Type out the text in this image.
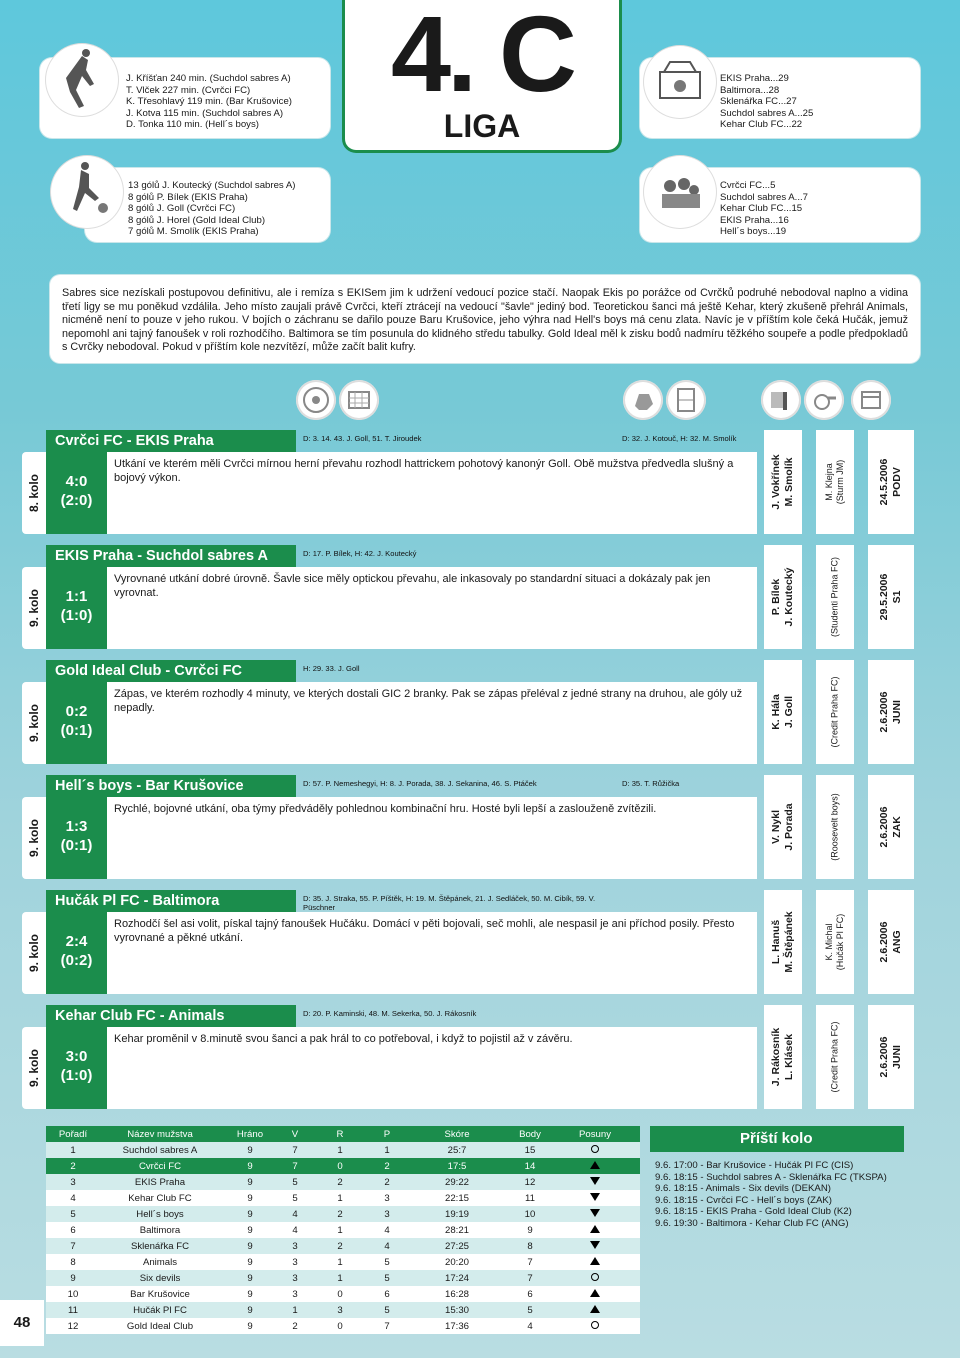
J. Kříšťan 240 min. (Suchdol sabres A)
T. Vlček 227 min. (Cvrčci FC)
K. Třesohlavý 119 min. (Bar Krušovice)
J. Kotva 115 min. (Suchdol sabres A)
D. Tonka 110 min. (Hell´s boys)
4. C
LIGA
EKIS Praha...29
Baltimora...28
Sklenářka FC...27
Suchdol sabres A...25
Kehar Club FC...22
13 gólů J. Koutecký (Suchdol sabres A)
8 gólů P. Bílek (EKIS Praha)
8 gólů J. Goll (Cvrčci FC)
8 gólů J. Horel (Gold Ideal Club)
7 gólů M. Smolík (EKIS Praha)
Cvrčci FC...5
Suchdol sabres A...7
Kehar Club FC...15
EKIS Praha...16
Hell´s boys...19
Sabres sice nezískali postupovou definitivu, ale i remíza s EKISem jim k udržení vedoucí pozice stačí. Naopak Ekis po porážce od Cvrčků podruhé nebodoval naplno a vidina třetí ligy se mu poněkud vzdálila. Jeho místo zaujali právě Cvrčci, kteří ztrácejí na vedoucí "šavle" jediný bod. Teoretickou šanci má ještě Kehar, který zkušeně přehrál Animals, nicméně není to pouze v jeho rukou. V bojích o záchranu se dařilo pouze Baru Krušovice, jeho výhra nad Hell's boys má cenu zlata. Navíc je v příštím kole čeká Hučák, jemuž nepomohl ani tajný fanoušek v roli rozhodčího. Baltimora se tím posunula do klidného středu tabulky. Gold Ideal měl k zisku bodů nadmíru těžkého soupeře a podle předpokladů s Cvrčky nebodoval. Pokud v příštím kole nezvítězí, může začít balit kufry.
8. kolo
Cvrčci FC - EKIS Praha	D: 3. 14. 43. J. Goll, 51. T. Jiroudek	D: 32. J. Kotouč, H: 32. M. Smolík
4:0
(2:0)
Utkání ve kterém měli Cvrčci mírnou herní převahu rozhodl hattrickem pohotový kanonýr Goll. Obě mužstva předvedla slušný a bojový výkon.	J. Vokřínek M. Smolík	M. Klejna (Sturm JM)	24.5.2006 PODV
9. kolo
EKIS Praha - Suchdol sabres A	D: 17. P. Bílek, H: 42. J. Koutecký
1:1
(1:0)
Vyrovnané utkání dobré úrovně. Šavle sice měly optickou převahu, ale inkasovaly po standardní situaci a dokázaly pak jen vyrovnat.	P. Bílek J. Koutecký	(Studenti Praha FC)	29.5.2006 S1
9. kolo
Gold Ideal Club - Cvrčci FC	H: 29. 33. J. Goll
0:2
(0:1)
Zápas, ve kterém rozhodly 4 minuty, ve kterých dostali GIC 2 branky. Pak se zápas přeléval z jedné strany na druhou, ale góly už nepadly.	K. Hála J. Goll	(Credit Praha FC)	2.6.2006 JUNI
9. kolo
Hell´s boys - Bar Krušovice	D: 57. P. Nemeshegyi, H: 8. J. Porada, 38. J. Sekanina, 46. S. Ptáček	D: 35. T. Růžička
1:3
(0:1)
Rychlé, bojovné utkání, oba týmy předváděly pohlednou kombinační hru. Hosté byli lepší a zaslouženě zvítězili.
V. Nykl J. Porada	(Roosevelt boys)	2.6.2006 ZAK
9. kolo
Hučák Pl FC - Baltimora	D: 35. J. Straka, 55. P. Píštěk, H: 19. M. Štěpánek, 21. J. Sedláček, 50. M. Cibík, 59. V. Püschner
2:4
(0:2)
Rozhodčí šel asi volit, pískal tajný fanoušek Hučáku. Domácí v pěti bojovali, seč mohli, ale nespasil je ani příchod posily. Přesto vyrovnané a pěkné utkání.	L. Hanuš M. Štěpánek	K. Michal (Hučák Pl FC)	2.6.2006 ANG
9. kolo
Kehar Club FC - Animals	D: 20. P. Kaminski, 48. M. Sekerka, 50. J. Rákosník
3:0
(1:0)
Kehar proměnil v 8.minutě svou šanci a pak hrál to co potřeboval, i když to pojistil až v závěru.	J. Rákosník L. Klásek	(Credit Praha FC)	2.6.2006 JUNI
Pořadí	Název mužstva	Hráno	V	R	P	Skóre	Body	Posuny
1	Suchdol sabres A	9	7	1	1	25:7	15	
2	Cvrčci FC	9	7	0	2	17:5	14	
3	EKIS Praha	9	5	2	2	29:22	12	
4	Kehar Club FC	9	5	1	3	22:15	11	
5	Hell´s boys	9	4	2	3	19:19	10	
6	Baltimora	9	4	1	4	28:21	9	
7	Sklenářka FC	9	3	2	4	27:25	8	
8	Animals	9	3	1	5	20:20	7	
9	Six devils	9	3	1	5	17:24	7	
10	Bar Krušovice	9	3	0	6	16:28	6	
11	Hučák Pl FC	9	1	3	5	15:30	5	
12	Gold Ideal Club	9	2	0	7	17:36	4	
Příští kolo
9.6. 17:00 - Bar Krušovice - Hučák Pl FC (CIS)
9.6. 18:15 - Suchdol sabres A - Sklenářka FC (TKSPA)
9.6. 18:15 - Animals - Six devils (DEKAN)
9.6. 18:15 - Cvrčci FC - Hell´s boys (ZAK)
9.6. 18:15 - EKIS Praha - Gold Ideal Club (K2)
9.6. 19:30 - Baltimora - Kehar Club FC (ANG)
48
